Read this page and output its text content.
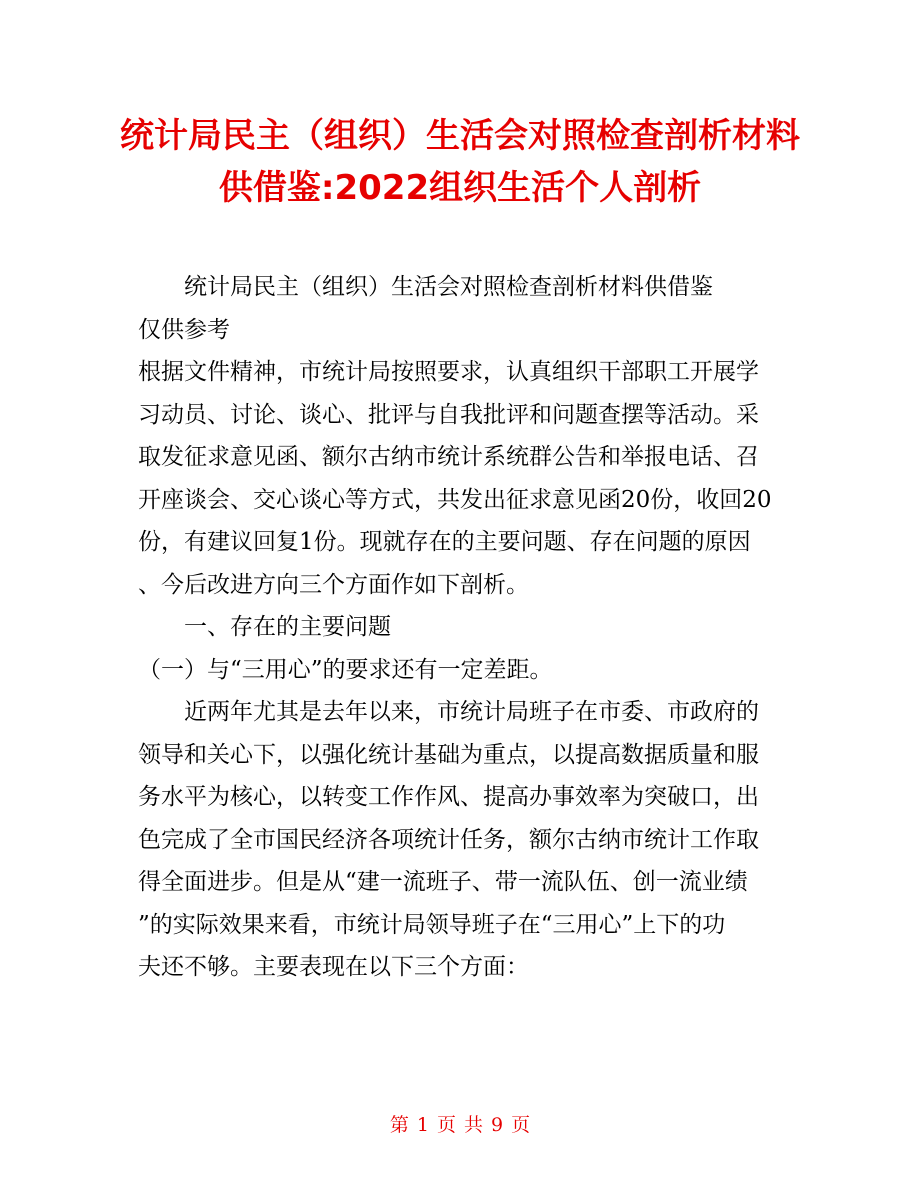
统计局民主（组织）生活会对照检查剖析材料
供借鉴:2022组织生活个人剖析
统计局民主（组织）生活会对照检查剖析材料供借鉴
仅供参考
根据文件精神，市统计局按照要求，认真组织干部职工开展学
习动员、讨论、谈心、批评与自我批评和问题查摆等活动。采
取发征求意见函、额尔古纳市统计系统群公告和举报电话、召
开座谈会、交心谈心等方式，共发出征求意见函20份，收回20
份，有建议回复1份。现就存在的主要问题、存在问题的原因
、今后改进方向三个方面作如下剖析。
一、存在的主要问题
（一）与“三用心”的要求还有一定差距。
近两年尤其是去年以来，市统计局班子在市委、市政府的
领导和关心下，以强化统计基础为重点，以提高数据质量和服
务水平为核心，以转变工作作风、提高办事效率为突破口，出
色完成了全市国民经济各项统计任务，额尔古纳市统计工作取
得全面进步。但是从“建一流班子、带一流队伍、创一流业绩
”的实际效果来看，市统计局领导班子在“三用心”上下的功
夫还不够。主要表现在以下三个方面：
第 1 页 共 9 页
